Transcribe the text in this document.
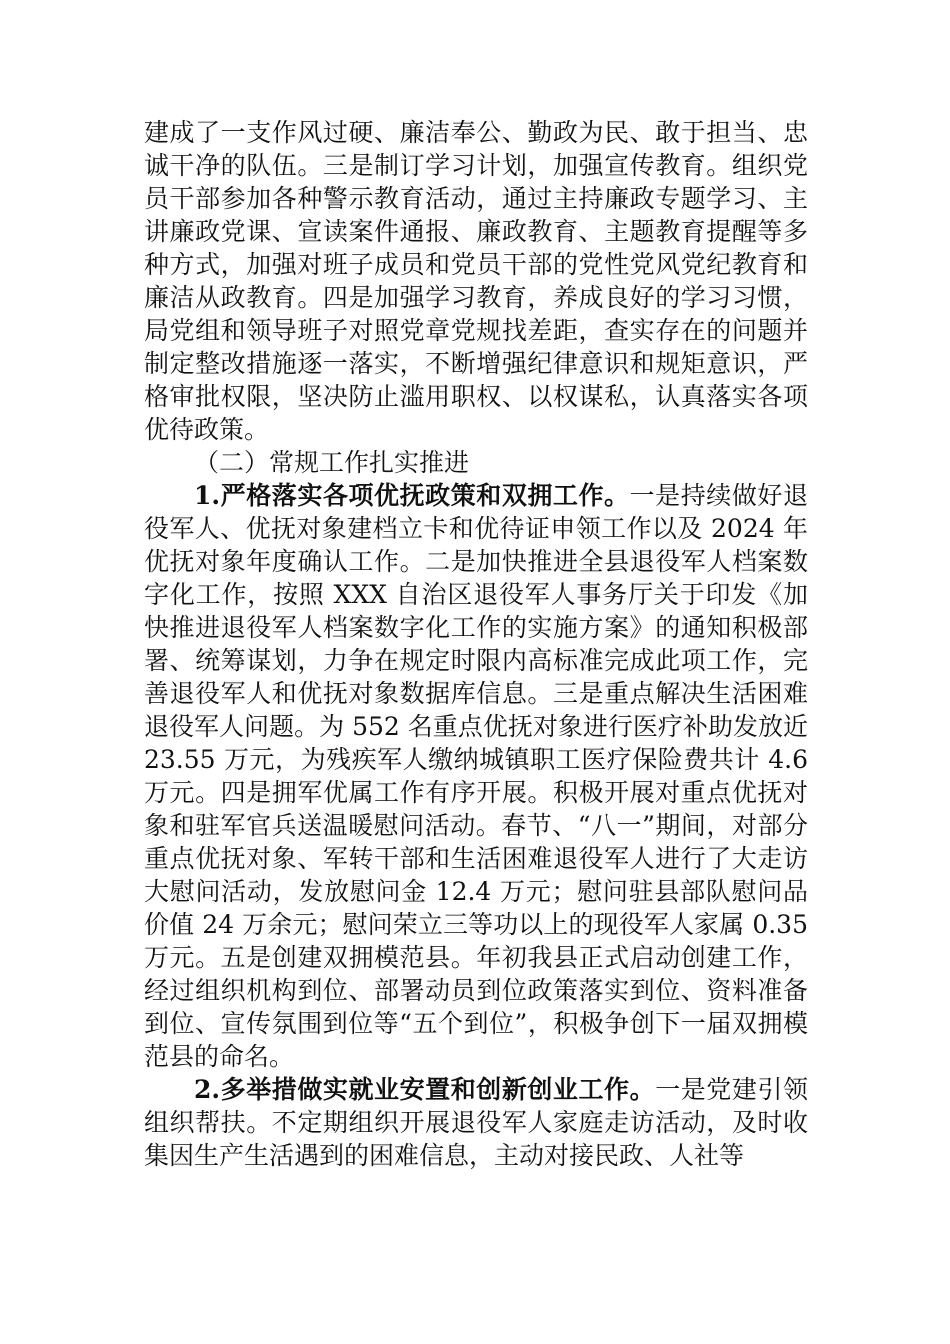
建成了一支作风过硬、廉洁奉公、勤政为民、敢于担当、忠诚干净的队伍。三是制订学习计划，加强宣传教育。组织党员干部参加各种警示教育活动，通过主持廉政专题学习、主讲廉政党课、宣读案件通报、廉政教育、主题教育提醒等多种方式，加强对班子成员和党员干部的党性党风党纪教育和廉洁从政教育。四是加强学习教育，养成良好的学习习惯，局党组和领导班子对照党章党规找差距，查实存在的问题并制定整改措施逐一落实，不断增强纪律意识和规矩意识，严格审批权限，坚决防止滥用职权、以权谋私，认真落实各项优待政策。

（二）常规工作扎实推进

1.严格落实各项优抚政策和双拥工作。一是持续做好退役军人、优抚对象建档立卡和优待证申领工作以及 2024 年优抚对象年度确认工作。二是加快推进全县退役军人档案数字化工作，按照 XXX 自治区退役军人事务厅关于印发《加快推进退役军人档案数字化工作的实施方案》的通知积极部署、统筹谋划，力争在规定时限内高标准完成此项工作，完善退役军人和优抚对象数据库信息。三是重点解决生活困难退役军人问题。为 552 名重点优抚对象进行医疗补助发放近 23.55 万元，为残疾军人缴纳城镇职工医疗保险费共计 4.6 万元。四是拥军优属工作有序开展。积极开展对重点优抚对象和驻军官兵送温暖慰问活动。春节、“八一”期间，对部分重点优抚对象、军转干部和生活困难退役军人进行了大走访大慰问活动，发放慰问金 12.4 万元；慰问驻县部队慰问品价值 24 万余元；慰问荣立三等功以上的现役军人家属 0.35 万元。五是创建双拥模范县。年初我县正式启动创建工作，经过组织机构到位、部署动员到位政策落实到位、资料准备到位、宣传氛围到位等“五个到位”，积极争创下一届双拥模范县的命名。

2.多举措做实就业安置和创新创业工作。一是党建引领组织帮扶。不定期组织开展退役军人家庭走访活动，及时收集因生产生活遇到的困难信息，主动对接民政、人社等
